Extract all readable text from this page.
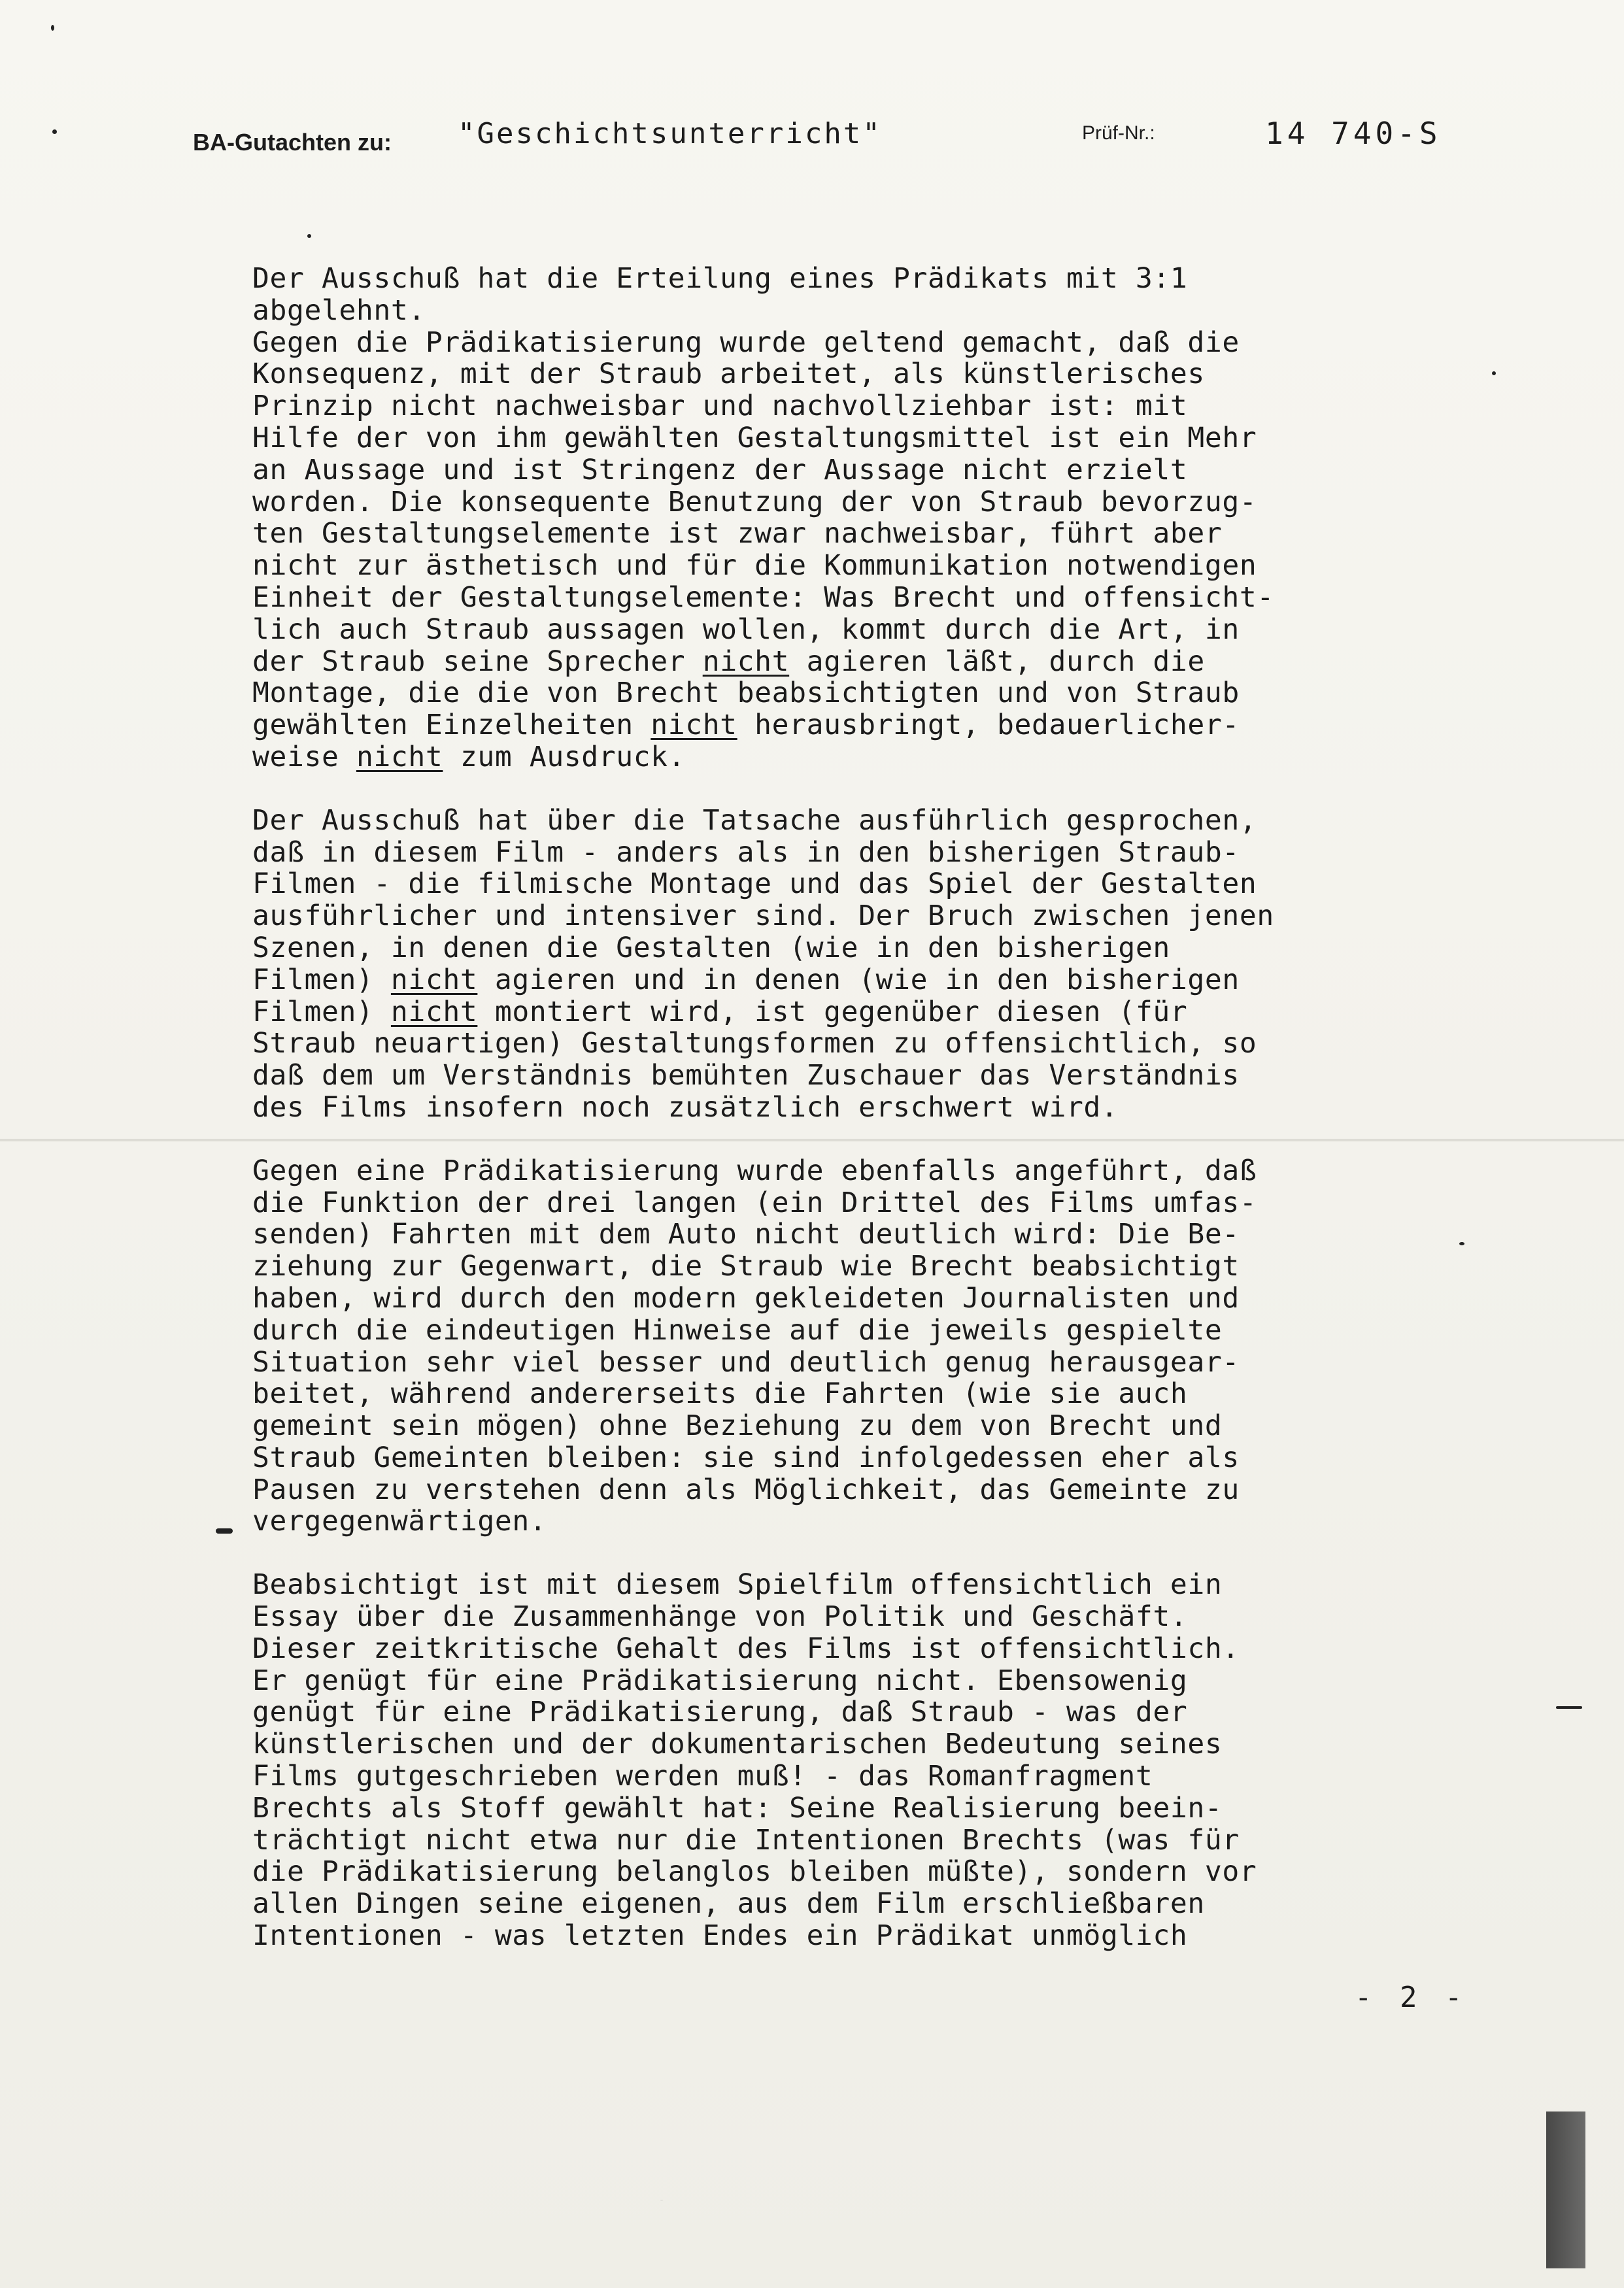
BA-Gutachten zu: "Geschichtsunterricht"	Prüf-Nr.:	14 740-S
Der Ausschuß hat die Erteilung eines Prädikats mit 3:1
abgelehnt.
Gegen die Prädikatisierung wurde geltend gemacht, daß die
Konsequenz, mit der Straub arbeitet, als künstlerisches
Prinzip nicht nachweisbar und nachvollziehbar ist: mit
Hilfe der von ihm gewählten Gestaltungsmittel ist ein Mehr
an Aussage und ist Stringenz der Aussage nicht erzielt
worden. Die konsequente Benutzung der von Straub bevorzug-
ten Gestaltungselemente ist zwar nachweisbar, führt aber
nicht zur ästhetisch und für die Kommunikation notwendigen
Einheit der Gestaltungselemente: Was Brecht und offensicht-
lich auch Straub aussagen wollen, kommt durch die Art, in
der Straub seine Sprecher nicht agieren läßt, durch die
Montage, die die von Brecht beabsichtigten und von Straub
gewählten Einzelheiten nicht herausbringt, bedauerlicher-
weise nicht zum Ausdruck.
Der Ausschuß hat über die Tatsache ausführlich gesprochen,
daß in diesem Film - anders als in den bisherigen Straub-
Filmen - die filmische Montage und das Spiel der Gestalten
ausführlicher und intensiver sind. Der Bruch zwischen jenen
Szenen, in denen die Gestalten (wie in den bisherigen
Filmen) nicht agieren und in denen (wie in den bisherigen
Filmen) nicht montiert wird, ist gegenüber diesen (für
Straub neuartigen) Gestaltungsformen zu offensichtlich, so
daß dem um Verständnis bemühten Zuschauer das Verständnis
des Films insofern noch zusätzlich erschwert wird.
Gegen eine Prädikatisierung wurde ebenfalls angeführt, daß
die Funktion der drei langen (ein Drittel des Films umfas-
senden) Fahrten mit dem Auto nicht deutlich wird: Die Be-
ziehung zur Gegenwart, die Straub wie Brecht beabsichtigt
haben, wird durch den modern gekleideten Journalisten und
durch die eindeutigen Hinweise auf die jeweils gespielte
Situation sehr viel besser und deutlich genug herausgear-
beitet, während andererseits die Fahrten (wie sie auch
gemeint sein mögen) ohne Beziehung zu dem von Brecht und
Straub Gemeinten bleiben: sie sind infolgedessen eher als
Pausen zu verstehen denn als Möglichkeit, das Gemeinte zu
vergegenwärtigen.
Beabsichtigt ist mit diesem Spielfilm offensichtlich ein
Essay über die Zusammenhänge von Politik und Geschäft.
Dieser zeitkritische Gehalt des Films ist offensichtlich.
Er genügt für eine Prädikatisierung nicht. Ebensowenig
genügt für eine Prädikatisierung, daß Straub - was der
künstlerischen und der dokumentarischen Bedeutung seines
Films gutgeschrieben werden muß! - das Romanfragment
Brechts als Stoff gewählt hat: Seine Realisierung beein-
trächtigt nicht etwa nur die Intentionen Brechts (was für
die Prädikatisierung belanglos bleiben müßte), sondern vor
allen Dingen seine eigenen, aus dem Film erschließbaren
Intentionen - was letzten Endes ein Prädikat unmöglich
- 2 -
